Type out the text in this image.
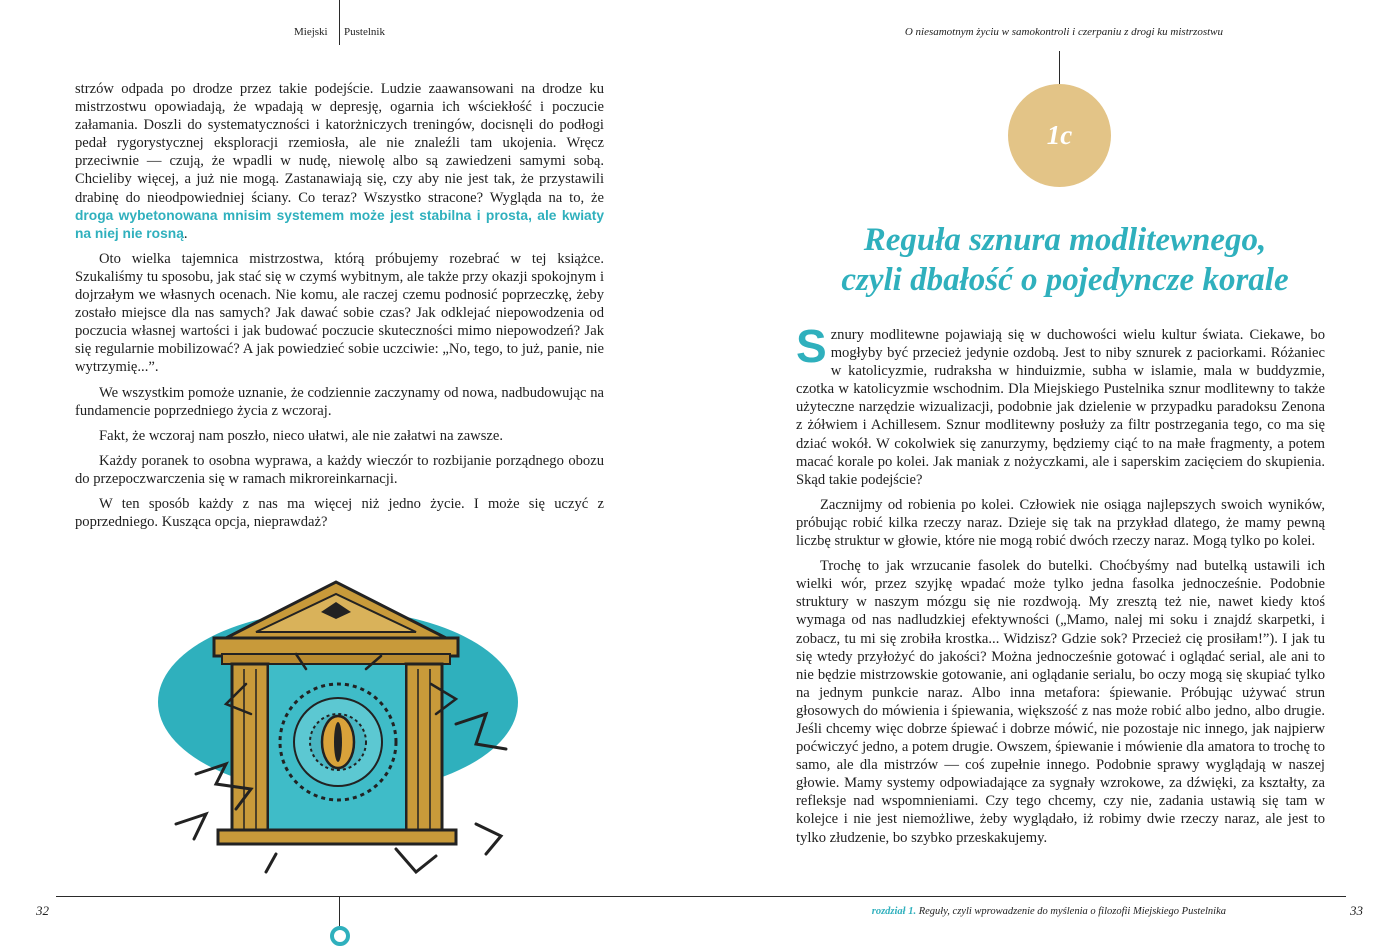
Miejski Pustelnik	O niesamotnym życiu w samokontroli i czerpaniu z drogi ku mistrzostwu

strzów odpada po drodze przez takie podejście. Ludzie zaawansowani na drodze ku mistrzostwu opowiadają, że wpadają w depresję, ogarnia ich wściekłość i poczucie załamania. Doszli do systematyczności i katorżniczych treningów, docisnęli do podłogi pedał rygorystycznej eksploracji rzemiosła, ale nie znaleźli tam ukojenia. Wręcz przeciwnie — czują, że wpadli w nudę, niewolę albo są zawiedzeni samymi sobą. Chcieliby więcej, a już nie mogą. Zastanawiają się, czy aby nie jest tak, że przystawili drabinę do nieodpowiedniej ściany. Co teraz? Wszystko stracone? Wygląda na to, że droga wybetonowana mnisim systemem może jest stabilna i prosta, ale kwiaty na niej nie rosną.

Oto wielka tajemnica mistrzostwa, którą próbujemy rozebrać w tej książce. Szukaliśmy tu sposobu, jak stać się w czymś wybitnym, ale także przy okazji spokojnym i dojrzałym we własnych ocenach. Nie komu, ale raczej czemu podnosić poprzeczkę, żeby zostało miejsce dla nas samych? Jak dawać sobie czas? Jak odklejać niepowodzenia od poczucia własnej wartości i jak budować poczucie skuteczności mimo niepowodzeń? Jak się regularnie mobilizować? A jak powiedzieć sobie uczciwie: „No, tego, to już, panie, nie wytrzymię...”.

We wszystkim pomoże uznanie, że codziennie zaczynamy od nowa, nadbudowując na fundamencie poprzedniego życia z wczoraj.

Fakt, że wczoraj nam poszło, nieco ułatwi, ale nie załatwi na zawsze.

Każdy poranek to osobna wyprawa, a każdy wieczór to rozbijanie porządnego obozu do przepoczwarczenia się w ramach mikroreinkarnacji.

W ten sposób każdy z nas ma więcej niż jedno życie. I może się uczyć z poprzedniego. Kusząca opcja, nieprawdaż?

1c
Reguła sznura modlitewnego,
czyli dbałość o pojedyncze korale

Sznury modlitewne pojawiają się w duchowości wielu kultur świata. Ciekawe, bo mogłyby być przecież jedynie ozdobą. Jest to niby sznurek z paciorkami. Różaniec w katolicyzmie, rudraksha w hinduizmie, subha w islamie, mala w buddyzmie, czotka w katolicyzmie wschodnim. Dla Miejskiego Pustelnika sznur modlitewny to także użyteczne narzędzie wizualizacji, podobnie jak dzielenie w przypadku paradoksu Zenona z żółwiem i Achillesem. Sznur modlitewny posłuży za filtr postrzegania tego, co ma się dziać wokół. W cokolwiek się zanurzymy, będziemy ciąć to na małe fragmenty, a potem macać korale po kolei. Jak maniak z nożyczkami, ale i saperskim zacięciem do skupienia. Skąd takie podejście?

Zacznijmy od robienia po kolei. Człowiek nie osiąga najlepszych swoich wyników, próbując robić kilka rzeczy naraz. Dzieje się tak na przykład dlatego, że mamy pewną liczbę struktur w głowie, które nie mogą robić dwóch rzeczy naraz. Mogą tylko po kolei.

Trochę to jak wrzucanie fasolek do butelki. Choćbyśmy nad butelką ustawili ich wielki wór, przez szyjkę wpadać może tylko jedna fasolka jednocześnie. Podobnie struktury w naszym mózgu się nie rozdwoją. My zresztą też nie, nawet kiedy ktoś wymaga od nas nadludzkiej efektywności („Mamo, nalej mi soku i znajdź skarpetki, i zobacz, tu mi się zrobiła krostka... Widzisz? Gdzie sok? Przecież cię prosiłam!”). I jak tu się wtedy przyłożyć do jakości? Można jednocześnie gotować i oglądać serial, ale ani to nie będzie mistrzowskie gotowanie, ani oglądanie serialu, bo oczy mogą się skupiać tylko na jednym punkcie naraz. Albo inna metafora: śpiewanie. Próbując używać strun głosowych do mówienia i śpiewania, większość z nas może robić albo jedno, albo drugie. Jeśli chcemy więc dobrze śpiewać i dobrze mówić, nie pozostaje nic innego, jak najpierw poćwiczyć jedno, a potem drugie. Owszem, śpiewanie i mówienie dla amatora to trochę to samo, ale dla mistrzów — coś zupełnie innego. Podobnie sprawy wyglądają w naszej głowie. Mamy systemy odpowiadające za sygnały wzrokowe, za dźwięki, za kształty, za refleksje nad wspomnieniami. Czy tego chcemy, czy nie, zadania ustawią się tam w kolejce i nie jest niemożliwe, żeby wyglądało, iż robimy dwie rzeczy naraz, ale jest to tylko złudzenie, bo szybko przeskakujemy.

32	rozdział 1. Reguły, czyli wprowadzenie do myślenia o filozofii Miejskiego Pustelnika	33
